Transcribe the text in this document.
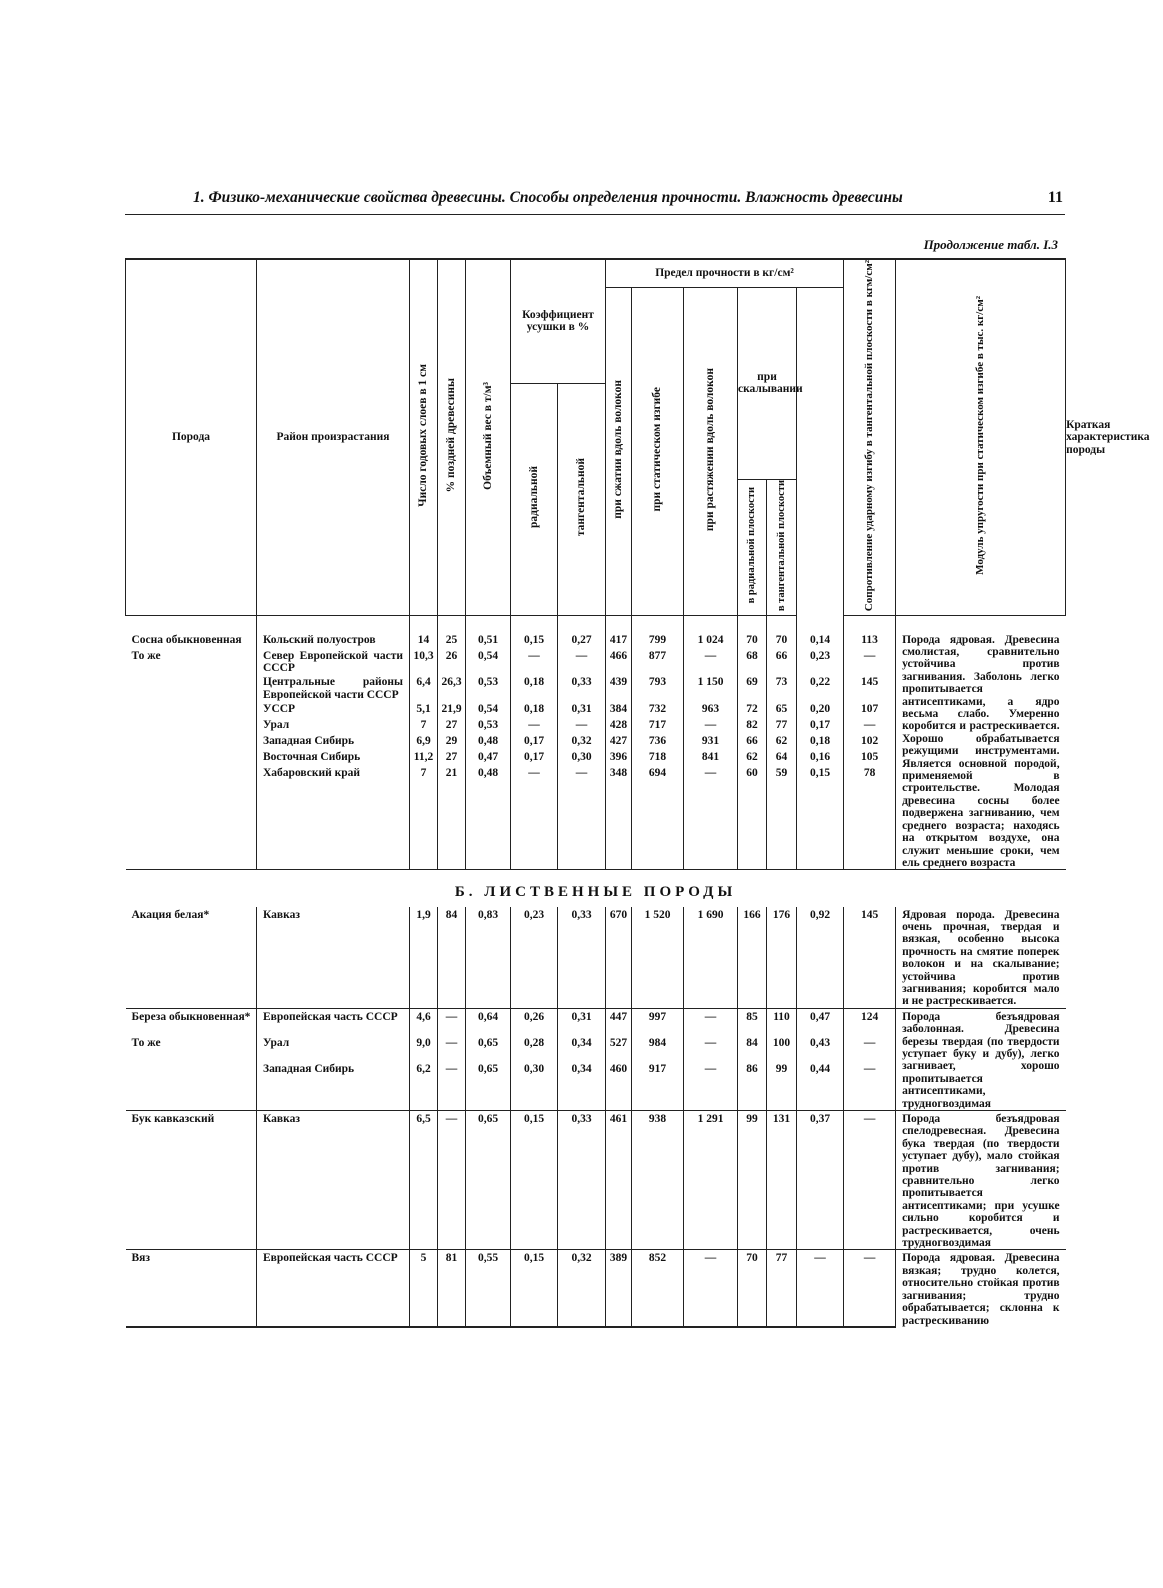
1. Физико-механические свойства древесины. Способы определения прочности. Влажность древесины	11
Продолжение табл. I.3
Порода	Район произрастания	Число годовых слоев в 1 см	% поздней древесины	Объемный вес в т/м³	Коэффициент усушки в %		Предел прочности в кг/см²						Сопротивление ударному изгибу в тангентальной плоскости в кгм/см²	Модуль упругости при статическом изгибе в тыс. кг/см²	Краткая характеристика породы
							при сжатии вдоль волокон	при статическом изгибе	при растяжении вдоль волокон	при скалывании					
					радиальной	тангентальной									
										в радиальной плоскости	в тангентальной плоскости				

Сосна обыкновенная	Кольский полуостров	14	25	0,51	0,15	0,27	417	799	1 024	70	70	0,14	113	Порода ядровая. Древесина смолистая, сравнительно устойчива против загнивания. Заболонь легко пропитывается антисептиками, а ядро весьма слабо. Умеренно коробится и растрескивается. Хорошо обрабатывается режущими инструментами. Является основной породой, применяемой в строительстве. Молодая древесина сосны более подвержена загниванию, чем среднего возраста; находясь на открытом воздухе, она служит меньшие сроки, чем ель среднего возраста	
То же	Север Европейской части СССР	10,3	26	0,54	—	—	466	877	—	68	66	0,23	—		
	Центральные районы Европейской части СССР	6,4	26,3	0,53	0,18	0,33	439	793	1 150	69	73	0,22	145		
	УССР	5,1	21,9	0,54	0,18	0,31	384	732	963	72	65	0,20	107		
	Урал	7	27	0,53	—	—	428	717	—	82	77	0,17	—		
	Западная Сибирь	6,9	29	0,48	0,17	0,32	427	736	931	66	62	0,18	102		
	Восточная Сибирь	11,2	27	0,47	0,17	0,30	396	718	841	62	64	0,16	105		
	Хабаровский край	7	21	0,48	—	—	348	694	—	60	59	0,15	78		

Б. ЛИСТВЕННЫЕ ПОРОДЫ															
Акация белая*	Кавказ	1,9	84	0,83	0,23	0,33	670	1 520	1 690	166	176	0,92	145	Ядровая порода. Древесина очень прочная, твердая и вязкая, особенно высока прочность на смятие поперек волокон и на скалывание; устойчива против загнивания; коробится мало и не растрескивается.	

Береза обыкновенная*	Европейская часть СССР	4,6	—	0,64	0,26	0,31	447	997	—	85	110	0,47	124	Порода безъядровая заболонная. Древесина березы твердая (по твердости уступает буку и дубу), легко загнивает, хорошо пропитывается антисептиками, трудногвоздимая	
То же	Урал	9,0	—	0,65	0,28	0,34	527	984	—	84	100	0,43	—		
	Западная Сибирь	6,2	—	0,65	0,30	0,34	460	917	—	86	99	0,44	—		

Бук кавказский	Кавказ	6,5	—	0,65	0,15	0,33	461	938	1 291	99	131	0,37	—	Порода безъядровая спелодревесная. Древесина бука твердая (по твердости уступает дубу), мало стойкая против загнивания; сравнительно легко пропитывается антисептиками; при усушке сильно коробится и растрескивается, очень трудногвоздимая	

Вяз	Европейская часть СССР	5	81	0,55	0,15	0,32	389	852	—	70	77	—	—	Порода ядровая. Древесина вязкая; трудно колется, относительно стойкая против загнивания; трудно обрабатывается; склонна к растрескиванию	
